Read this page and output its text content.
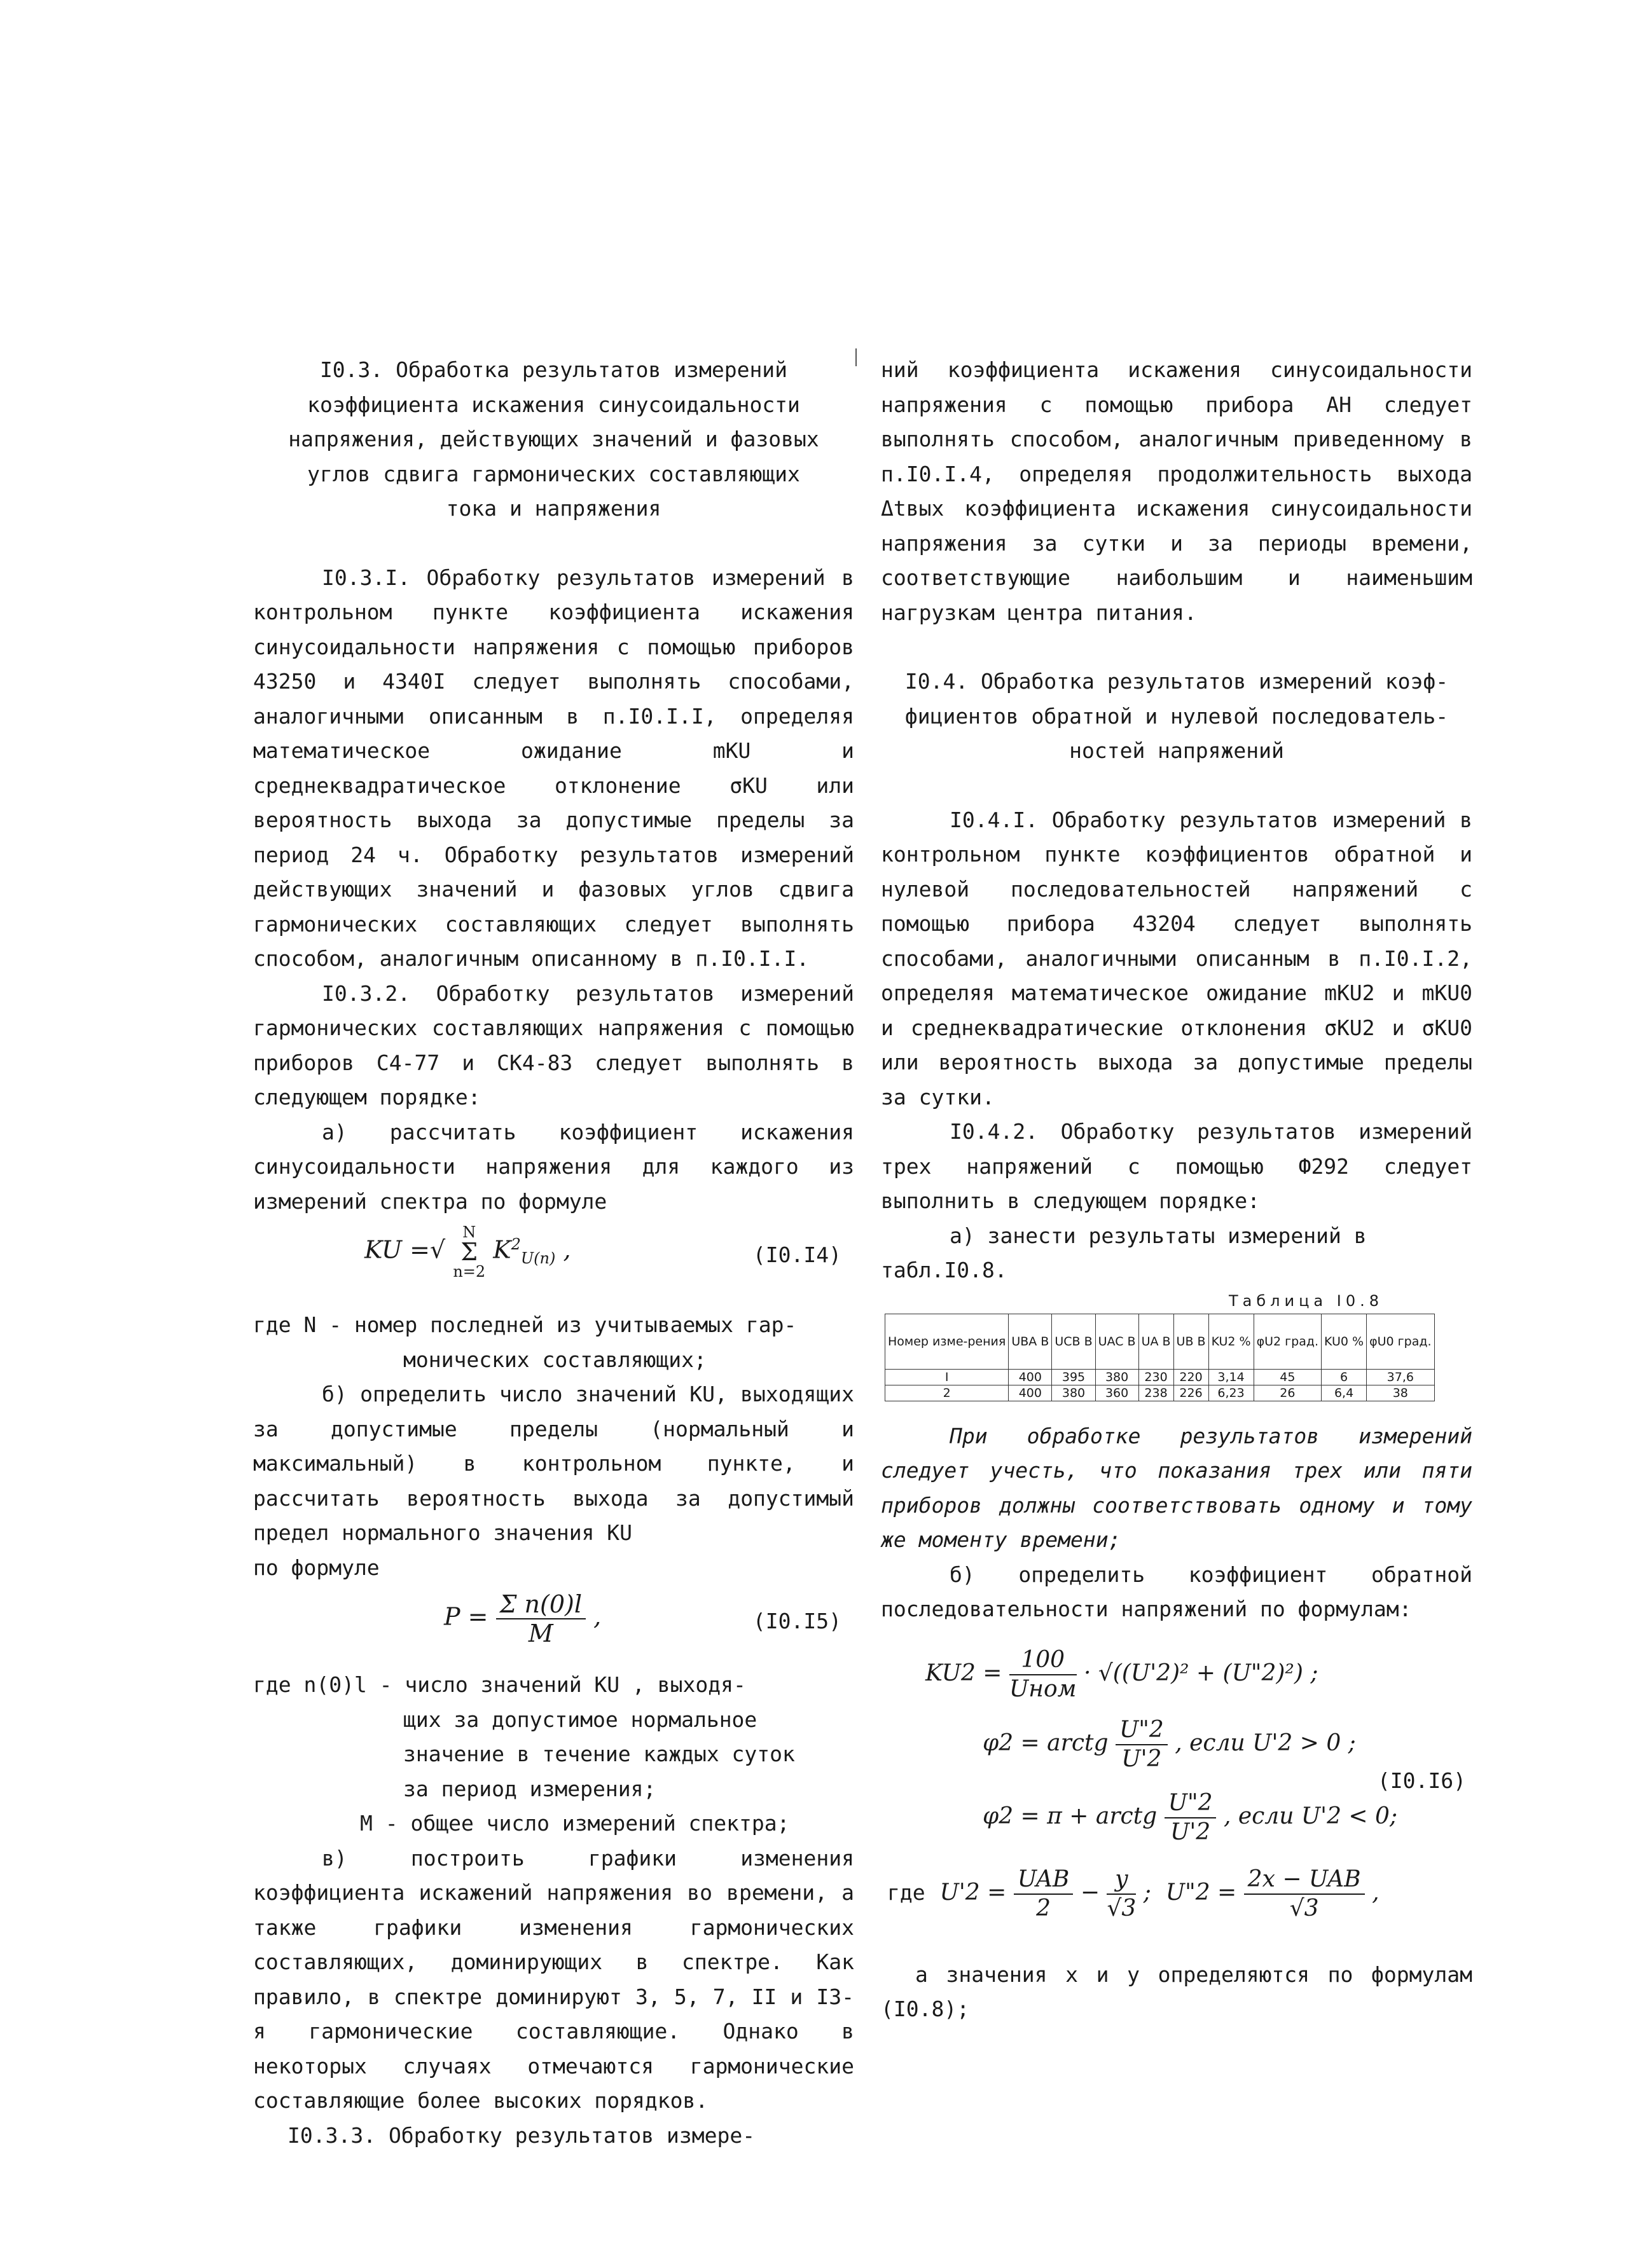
I0.3. Обработка результатов измерений

коэффициента искажения синусоидальности

напряжения, действующих значений и фазовых

углов сдвига гармонических составляющих

тока и напряжения

I0.3.I. Обработку результатов измерений в контрольном пункте коэффициента искажения синусоидальности напряжения с помощью приборов 43250 и 4340I следует выполнять способами, аналогичными описанным в п.I0.I.I, определяя математическое ожидание mKU и среднеквадратическое отклонение σKU или вероятность выхода за допустимые пределы за период 24 ч. Обработку результатов измерений действующих значений и фазовых углов сдвига гармонических составляющих следует выполнять способом, аналогичным описанному в п.I0.I.I.

I0.3.2. Обработку результатов измерений гармонических составляющих напряжения с помощью приборов С4-77 и СК4-83 следует выполнять в следующем порядке:

а) рассчитать коэффициент искажения синусоидальности напряжения для каждого из измерений спектра по формуле

KU =√
N
Σ
n=2
$K^2_{U(n)}$ ,	(I0.I4)

где N - номер последней из учитываемых гар-

монических составляющих;

б) определить число значений KU, выходящих за допустимые пределы (нормальный и максимальный) в контрольном пункте, и рассчитать вероятность выхода за допустимый предел нормального значения KU

по формуле

$P = \frac{\text{Σ n(0)l}}{M}$ ,	(I0.I5)

где n(0)l - число значений KU , выходя-

щих за допустимое нормальное

значение в течение каждых суток

за период измерения;

M - общее число измерений спектра;

в) построить графики изменения коэффициента искажений напряжения во времени, а также графики изменения гармонических составляющих, доминирующих в спектре. Как правило, в спектре доминируют 3, 5, 7, II и I3-я гармонические составляющие. Однако в некоторых случаях отмечаются гармонические составляющие более высоких порядков.

I0.3.3. Обработку результатов измере-

ний коэффициента искажения синусоидальности напряжения с помощью прибора АН следует выполнять способом, аналогичным приведенному в п.I0.I.4, определяя продолжительность выхода Δtвых коэффициента искажения синусоидальности напряжения за сутки и за периоды времени, соответствующие наибольшим и наименьшим нагрузкам центра питания.

I0.4. Обработка результатов измерений коэф-

фициентов обратной и нулевой последователь-

ностей напряжений

I0.4.I. Обработку результатов измерений в контрольном пункте коэффициентов обратной и нулевой последовательностей напряжений с помощью прибора 43204 следует выполнять способами, аналогичными описанным в п.I0.I.2, определяя математическое ожидание mKU2 и mKU0 и среднеквадратические отклонения σKU2 и σKU0 или вероятность выхода за допустимые пределы за сутки.

I0.4.2. Обработку результатов измерений трех напряжений с помощью Ф292 следует выполнить в следующем порядке:

а) занести результаты измерений в табл.I0.8.

Таблица I0.8
Номер изме-рения	UBA B	UCB B	UAC B	UA B	UB B	KU2 %	φU2 град.	KU0 %	φU0 град.
I	400	395	380	230	220	3,14	45	6	37,6
2	400	380	360	238	226	6,23	26	6,4	38

При обработке результатов измерений следует учесть, что показания трех или пяти приборов должны соответствовать одному и тому же моменту времени;

б) определить коэффициент обратной последовательности напряжений по формулам:

KU2 =
100
Uном
· √((U'2)² + (U"2)²) ;
φ2 = arctg $\frac{U"2}{U'2}$ , если U'2 > 0 ;
φ2 = π + arctg $\frac{U"2}{U'2}$ , если U'2 < 0;
(I0.I6)
где U'2 =
UAB
2
− $\frac{y}{√3}$ ; U"2 =
2x − UAB
√3
,

а значения x и y определяются по формулам (I0.8);
